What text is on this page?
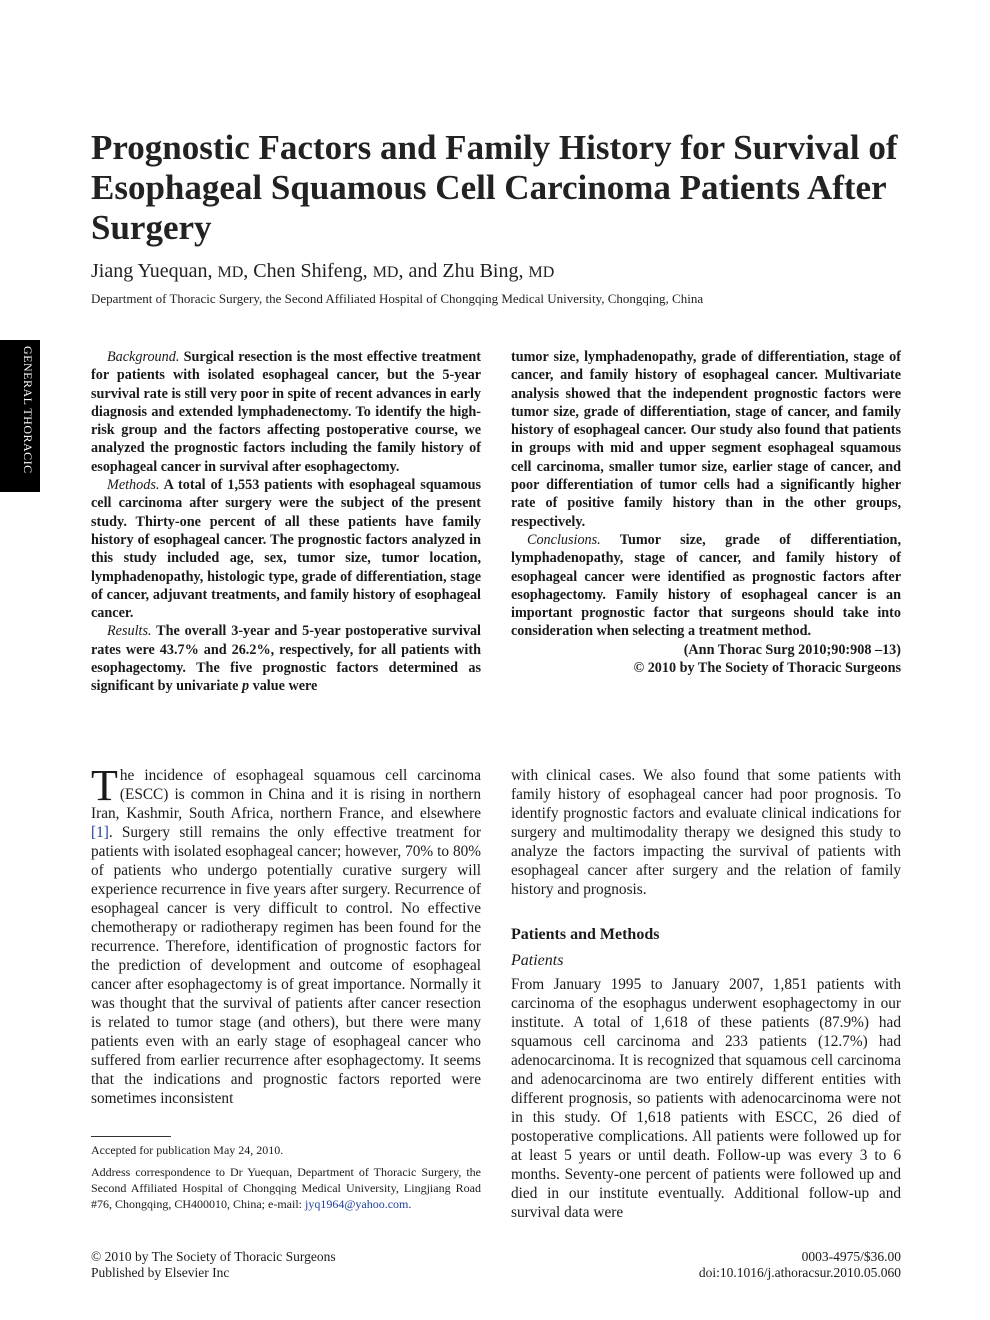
GENERAL THORACIC
Prognostic Factors and Family History for Survival of Esophageal Squamous Cell Carcinoma Patients After Surgery

Jiang Yuequan, MD, Chen Shifeng, MD, and Zhu Bing, MD

Department of Thoracic Surgery, the Second Affiliated Hospital of Chongqing Medical University, Chongqing, China

Background. Surgical resection is the most effective treatment for patients with isolated esophageal cancer, but the 5-year survival rate is still very poor in spite of recent advances in early diagnosis and extended lymphadenectomy. To identify the high-risk group and the factors affecting postoperative course, we analyzed the prognostic factors including the family history of esophageal cancer in survival after esophagectomy.

Methods. A total of 1,553 patients with esophageal squamous cell carcinoma after surgery were the subject of the present study. Thirty-one percent of all these patients have family history of esophageal cancer. The prognostic factors analyzed in this study included age, sex, tumor size, tumor location, lymphadenopathy, histologic type, grade of differentiation, stage of cancer, adjuvant treatments, and family history of esophageal cancer.

Results. The overall 3-year and 5-year postoperative survival rates were 43.7% and 26.2%, respectively, for all patients with esophagectomy. The five prognostic factors determined as significant by univariate p value were

tumor size, lymphadenopathy, grade of differentiation, stage of cancer, and family history of esophageal cancer. Multivariate analysis showed that the independent prognostic factors were tumor size, grade of differentiation, stage of cancer, and family history of esophageal cancer. Our study also found that patients in groups with mid and upper segment esophageal squamous cell carcinoma, smaller tumor size, earlier stage of cancer, and poor differentiation of tumor cells had a significantly higher rate of positive family history than in the other groups, respectively.

Conclusions. Tumor size, grade of differentiation, lymphadenopathy, stage of cancer, and family history of esophageal cancer were identified as prognostic factors after esophagectomy. Family history of esophageal cancer is an important prognostic factor that surgeons should take into consideration when selecting a treatment method.

(Ann Thorac Surg 2010;90:908 –13)

© 2010 by The Society of Thoracic Surgeons

The incidence of esophageal squamous cell carcinoma (ESCC) is common in China and it is rising in northern Iran, Kashmir, South Africa, northern France, and elsewhere [1]. Surgery still remains the only effective treatment for patients with isolated esophageal cancer; however, 70% to 80% of patients who undergo potentially curative surgery will experience recurrence in five years after surgery. Recurrence of esophageal cancer is very difficult to control. No effective chemotherapy or radiotherapy regimen has been found for the recurrence. Therefore, identification of prognostic factors for the prediction of development and outcome of esophageal cancer after esophagectomy is of great importance. Normally it was thought that the survival of patients after cancer resection is related to tumor stage (and others), but there were many patients even with an early stage of esophageal cancer who suffered from earlier recurrence after esophagectomy. It seems that the indications and prognostic factors reported were sometimes inconsistent

with clinical cases. We also found that some patients with family history of esophageal cancer had poor prognosis. To identify prognostic factors and evaluate clinical indications for surgery and multimodality therapy we designed this study to analyze the factors impacting the survival of patients with esophageal cancer after surgery and the relation of family history and prognosis.

Patients and Methods
Patients

From January 1995 to January 2007, 1,851 patients with carcinoma of the esophagus underwent esophagectomy in our institute. A total of 1,618 of these patients (87.9%) had squamous cell carcinoma and 233 patients (12.7%) had adenocarcinoma. It is recognized that squamous cell carcinoma and adenocarcinoma are two entirely different entities with different prognosis, so patients with adenocarcinoma were not in this study. Of 1,618 patients with ESCC, 26 died of postoperative complications. All patients were followed up for at least 5 years or until death. Follow-up was every 3 to 6 months. Seventy-one percent of patients were followed up and died in our institute eventually. Additional follow-up and survival data were

Accepted for publication May 24, 2010.

Address correspondence to Dr Yuequan, Department of Thoracic Surgery, the Second Affiliated Hospital of Chongqing Medical University, Lingjiang Road #76, Chongqing, CH400010, China; e-mail: jyq1964@yahoo.com.

© 2010 by The Society of Thoracic Surgeons
Published by Elsevier Inc
0003-4975/$36.00
doi:10.1016/j.athoracsur.2010.05.060
